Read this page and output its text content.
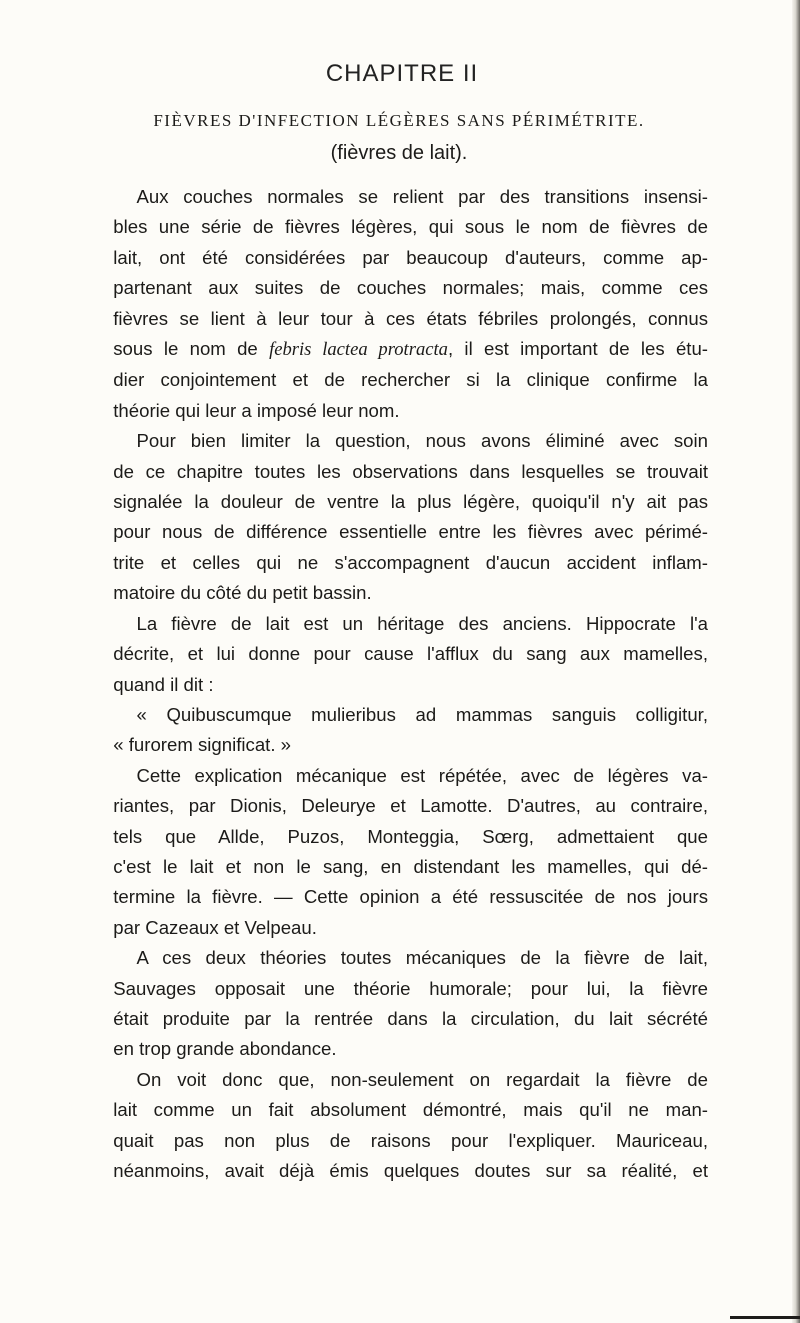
CHAPITRE II
FIÈVRES D'INFECTION LÉGÈRES SANS PÉRIMÉTRITE.
(fièvres de lait).

Aux couches normales se relient par des transitions insensi-
bles une série de fièvres légères, qui sous le nom de fièvres de
lait, ont été considérées par beaucoup d'auteurs, comme ap-
partenant aux suites de couches normales; mais, comme ces
fièvres se lient à leur tour à ces états fébriles prolongés, connus
sous le nom de febris lactea protracta, il est important de les étu-
dier conjointement et de rechercher si la clinique confirme la
théorie qui leur a imposé leur nom.

Pour bien limiter la question, nous avons éliminé avec soin
de ce chapitre toutes les observations dans lesquelles se trouvait
signalée la douleur de ventre la plus légère, quoiqu'il n'y ait pas
pour nous de différence essentielle entre les fièvres avec périmé-
trite et celles qui ne s'accompagnent d'aucun accident inflam-
matoire du côté du petit bassin.

La fièvre de lait est un héritage des anciens. Hippocrate l'a
décrite, et lui donne pour cause l'afflux du sang aux mamelles,
quand il dit :

« Quibuscumque mulieribus ad mammas sanguis colligitur,
« furorem significat. »

Cette explication mécanique est répétée, avec de légères va-
riantes, par Dionis, Deleurye et Lamotte. D'autres, au contraire,
tels que Allde, Puzos, Monteggia, Sœrg, admettaient que
c'est le lait et non le sang, en distendant les mamelles, qui dé-
termine la fièvre. — Cette opinion a été ressuscitée de nos jours
par Cazeaux et Velpeau.

A ces deux théories toutes mécaniques de la fièvre de lait,
Sauvages opposait une théorie humorale; pour lui, la fièvre
était produite par la rentrée dans la circulation, du lait sécrété
en trop grande abondance.

On voit donc que, non-seulement on regardait la fièvre de
lait comme un fait absolument démontré, mais qu'il ne man-
quait pas non plus de raisons pour l'expliquer. Mauriceau,
néanmoins, avait déjà émis quelques doutes sur sa réalité, et
